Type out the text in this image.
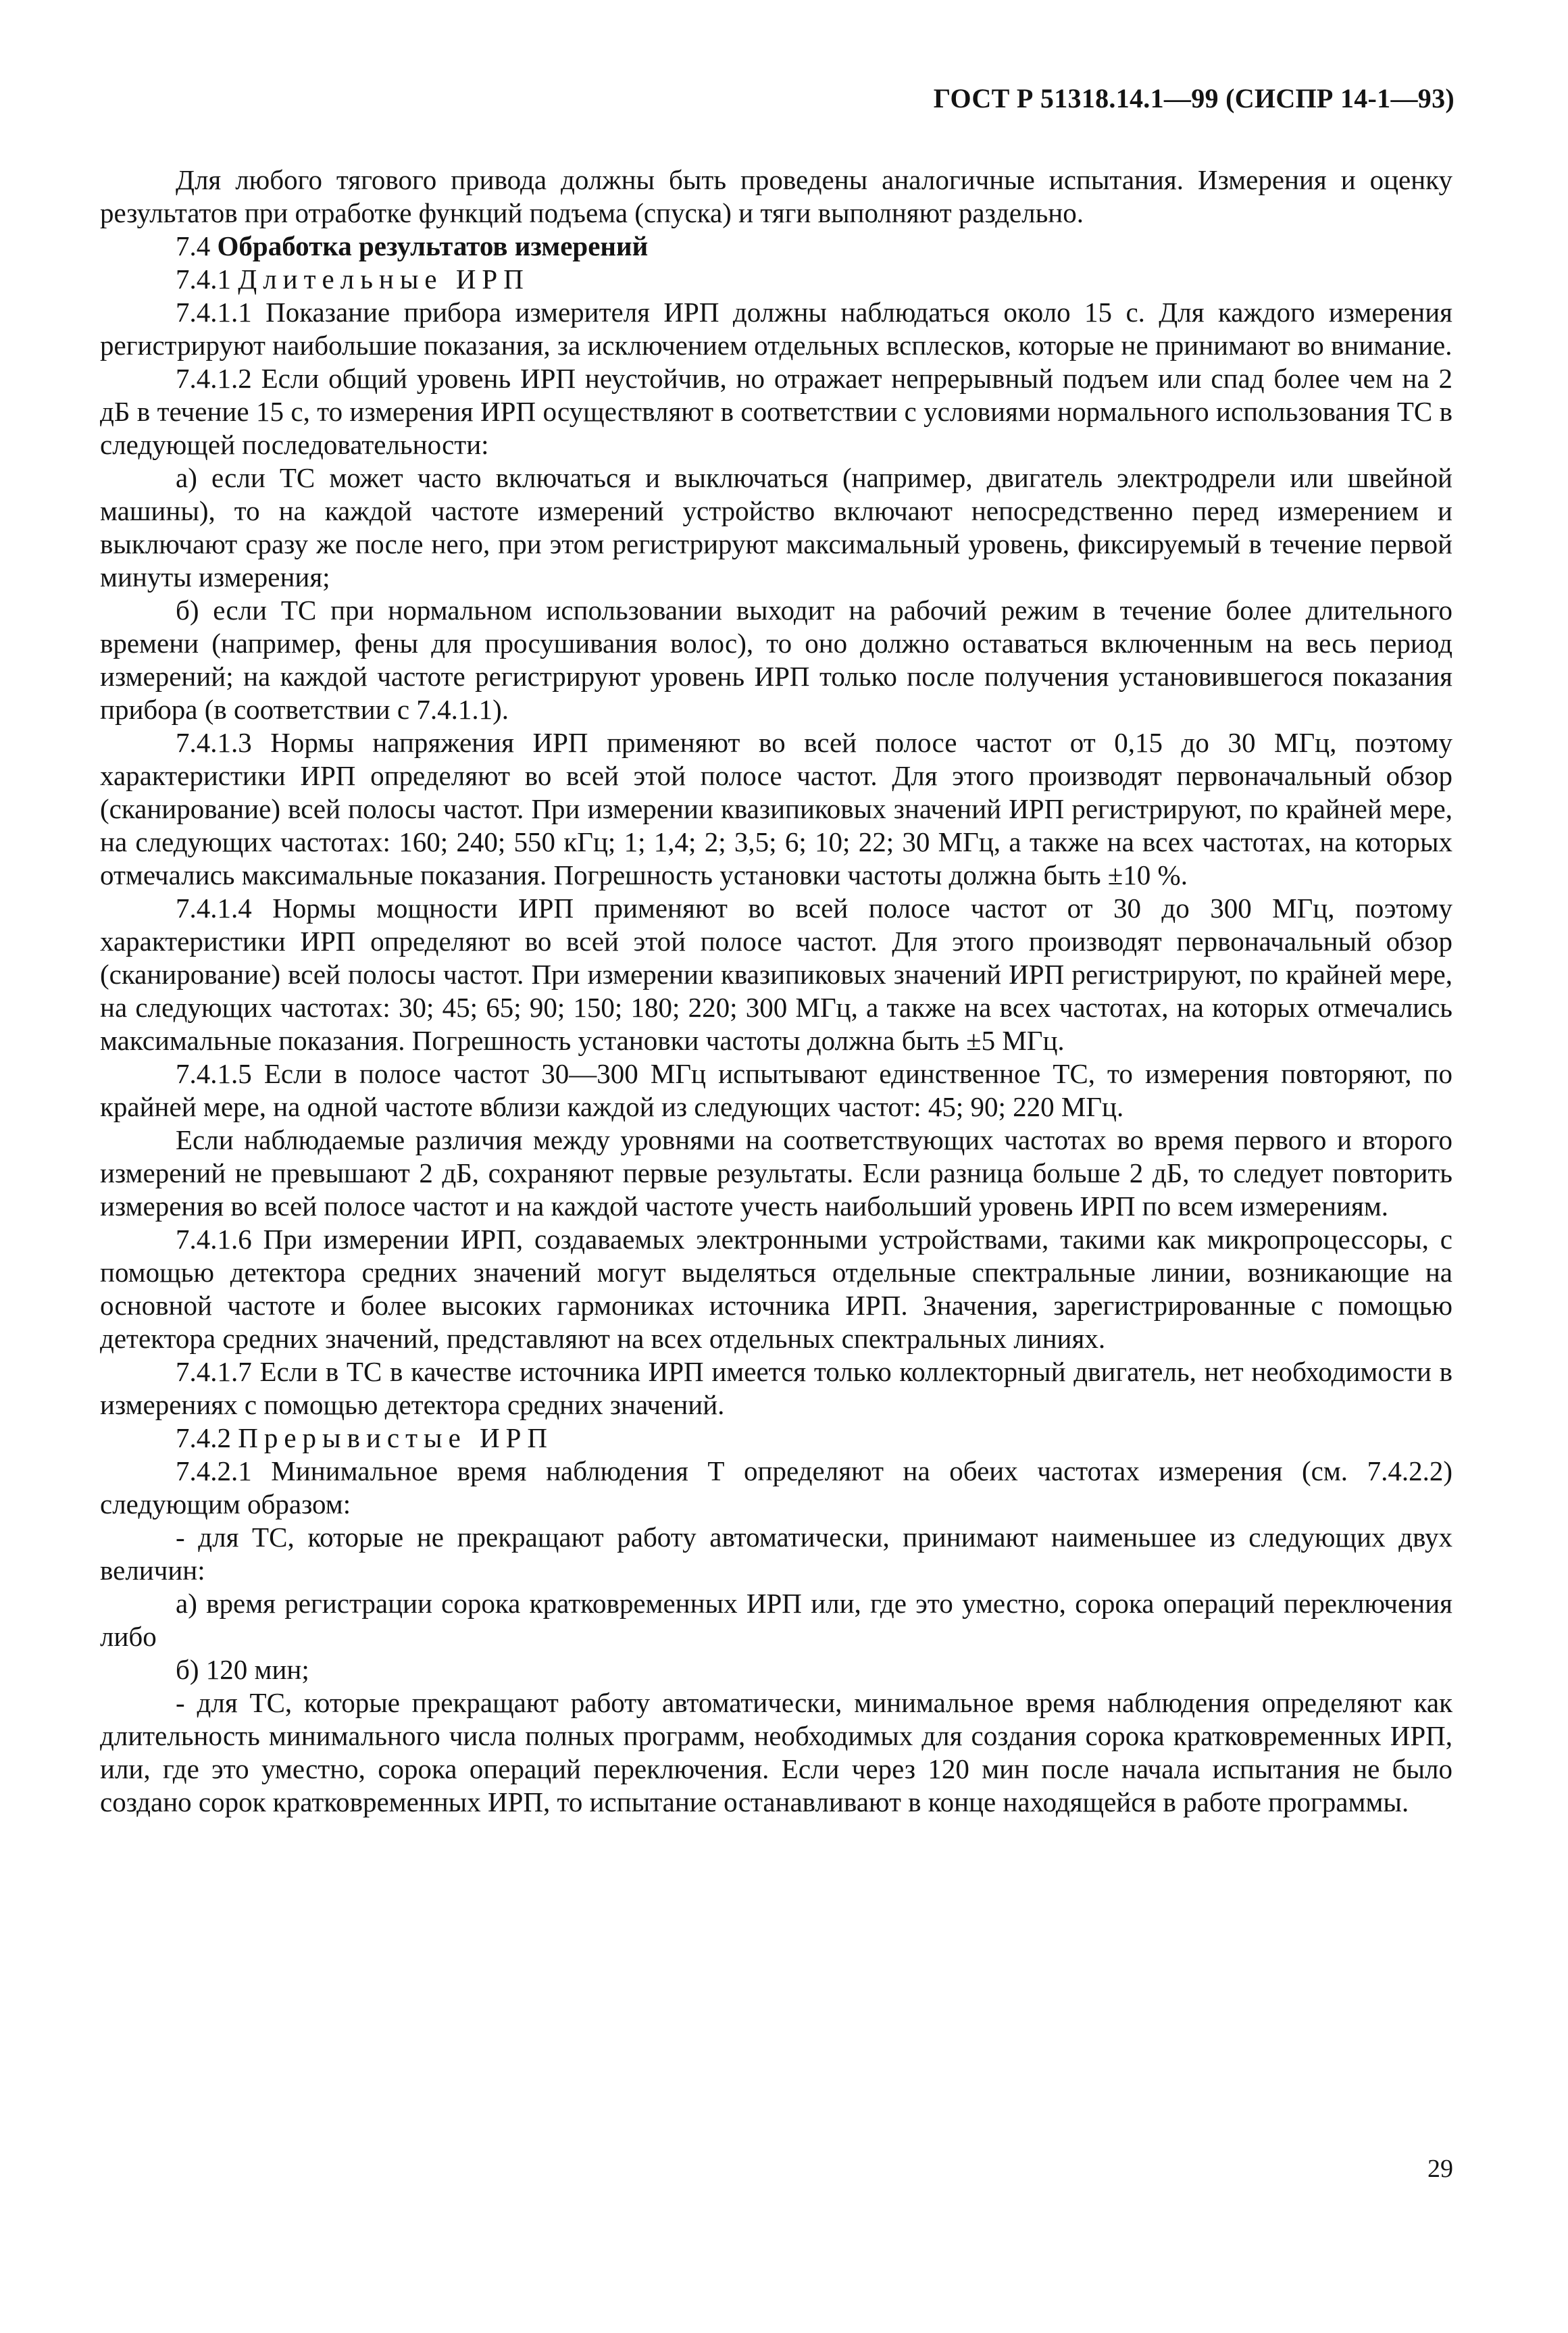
ГОСТ Р 51318.14.1—99 (СИСПР 14-1—93)

Для любого тягового привода должны быть проведены аналогичные испытания. Измерения и оценку результатов при отработке функций подъема (спуска) и тяги выполняют раздельно.

7.4 Обработка результатов измерений

7.4.1 Длительные ИРП

7.4.1.1 Показание прибора измерителя ИРП должны наблюдаться около 15 с. Для каждого измерения регистрируют наибольшие показания, за исключением отдельных всплесков, которые не принимают во внимание.

7.4.1.2 Если общий уровень ИРП неустойчив, но отражает непрерывный подъем или спад более чем на 2 дБ в течение 15 с, то измерения ИРП осуществляют в соответствии с условиями нормального использования ТС в следующей последовательности:

а) если ТС может часто включаться и выключаться (например, двигатель электродрели или швейной машины), то на каждой частоте измерений устройство включают непосредственно перед измерением и выключают сразу же после него, при этом регистрируют максимальный уровень, фиксируемый в течение первой минуты измерения;

б) если ТС при нормальном использовании выходит на рабочий режим в течение более длительного времени (например, фены для просушивания волос), то оно должно оставаться включенным на весь период измерений; на каждой частоте регистрируют уровень ИРП только после получения установившегося показания прибора (в соответствии с 7.4.1.1).

7.4.1.3 Нормы напряжения ИРП применяют во всей полосе частот от 0,15 до 30 МГц, поэтому характеристики ИРП определяют во всей этой полосе частот. Для этого производят первоначальный обзор (сканирование) всей полосы частот. При измерении квазипиковых значений ИРП регистрируют, по крайней мере, на следующих частотах: 160; 240; 550 кГц; 1; 1,4; 2; 3,5; 6; 10; 22; 30 МГц, а также на всех частотах, на которых отмечались максимальные показания. Погрешность установки частоты должна быть ±10 %.

7.4.1.4 Нормы мощности ИРП применяют во всей полосе частот от 30 до 300 МГц, поэтому характеристики ИРП определяют во всей этой полосе частот. Для этого производят первоначальный обзор (сканирование) всей полосы частот. При измерении квазипиковых значений ИРП регистрируют, по крайней мере, на следующих частотах: 30; 45; 65; 90; 150; 180; 220; 300 МГц, а также на всех частотах, на которых отмечались максимальные показания. Погрешность установки частоты должна быть ±5 МГц.

7.4.1.5 Если в полосе частот 30—300 МГц испытывают единственное ТС, то измерения повторяют, по крайней мере, на одной частоте вблизи каждой из следующих частот: 45; 90; 220 МГц.

Если наблюдаемые различия между уровнями на соответствующих частотах во время первого и второго измерений не превышают 2 дБ, сохраняют первые результаты. Если разница больше 2 дБ, то следует повторить измерения во всей полосе частот и на каждой частоте учесть наибольший уровень ИРП по всем измерениям.

7.4.1.6 При измерении ИРП, создаваемых электронными устройствами, такими как микропроцессоры, с помощью детектора средних значений могут выделяться отдельные спектральные линии, возникающие на основной частоте и более высоких гармониках источника ИРП. Значения, зарегистрированные с помощью детектора средних значений, представляют на всех отдельных спектральных линиях.

7.4.1.7 Если в ТС в качестве источника ИРП имеется только коллекторный двигатель, нет необходимости в измерениях с помощью детектора средних значений.

7.4.2 Прерывистые ИРП

7.4.2.1 Минимальное время наблюдения Т определяют на обеих частотах измерения (см. 7.4.2.2) следующим образом:

- для ТС, которые не прекращают работу автоматически, принимают наименьшее из следующих двух величин:

а) время регистрации сорока кратковременных ИРП или, где это уместно, сорока операций переключения либо

б) 120 мин;

- для ТС, которые прекращают работу автоматически, минимальное время наблюдения определяют как длительность минимального числа полных программ, необходимых для создания сорока кратковременных ИРП, или, где это уместно, сорока операций переключения. Если через 120 мин после начала испытания не было создано сорок кратковременных ИРП, то испытание останавливают в конце находящейся в работе программы.

29
